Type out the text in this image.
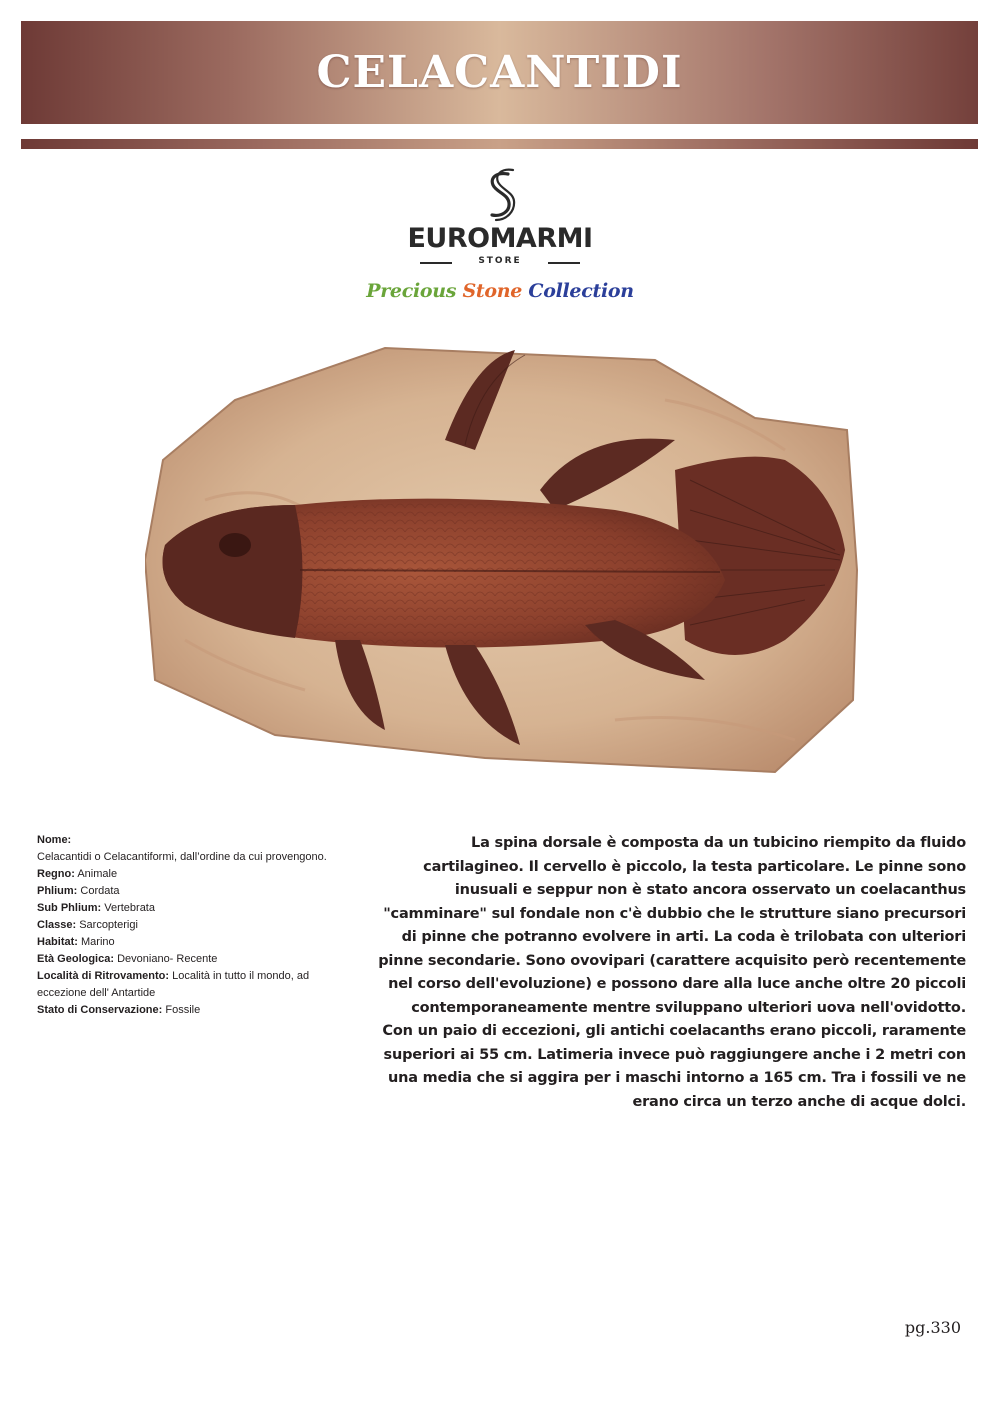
CELACANTIDI
EUROMARMI
STORE
Precious Stone Collection
Nome:
Celacantidi o Celacantiformi, dall’ordine da cui provengono.
Regno: Animale
Phlium: Cordata
Sub Phlium: Vertebrata
Classe: Sarcopterigi
Habitat: Marino
Età Geologica: Devoniano- Recente
Località di Ritrovamento: Località in tutto il mondo, ad eccezione dell' Antartide
Stato di Conservazione: Fossile

La spina dorsale è composta da un tubicino riempito da fluido cartilagineo. Il cervello è piccolo, la testa particolare. Le pinne sono inusuali e seppur non è stato ancora osservato un coelacanthus "camminare" sul fondale non c'è dubbio che le strutture siano precursori di pinne che potranno evolvere in arti. La coda è trilobata con ulteriori pinne secondarie. Sono ovovipari (carattere acquisito però recentemente nel corso dell'evoluzione) e possono dare alla luce anche oltre 20 piccoli contemporaneamente mentre sviluppano ulteriori uova nell'ovidotto. Con un paio di eccezioni, gli antichi coelacanths erano piccoli, raramente superiori ai 55 cm. Latimeria invece può raggiungere anche i 2 metri con una media che si aggira per i maschi intorno a 165 cm. Tra i fossili ve ne erano circa un terzo anche di acque dolci.

pg.330
